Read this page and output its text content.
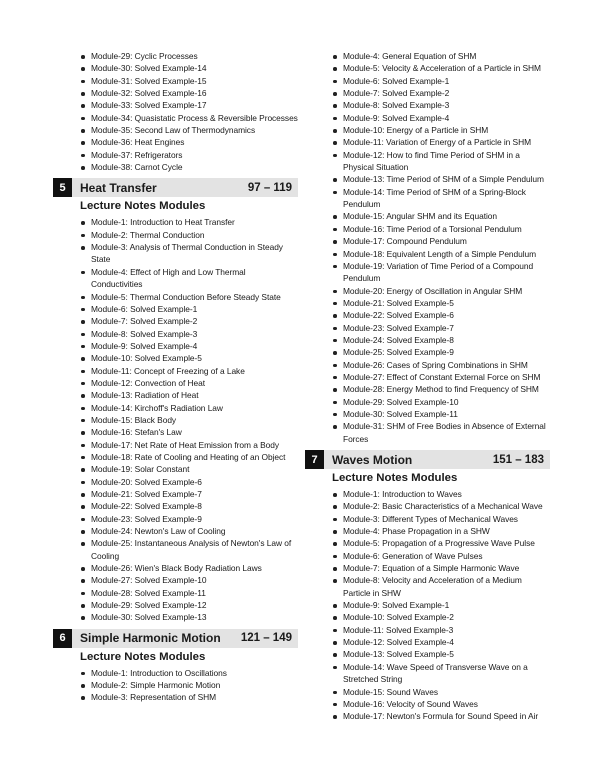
Module-29: Cyclic Processes
Module-30: Solved Example-14
Module-31: Solved Example-15
Module-32: Solved Example-16
Module-33: Solved Example-17
Module-34: Quasistatic Process & Reversible Processes
Module-35: Second Law of Thermodynamics
Module-36: Heat Engines
Module-37: Refrigerators
Module-38: Carnot Cycle
5	Heat Transfer	97 – 119
Lecture Notes Modules
Module-1: Introduction to Heat Transfer
Module-2: Thermal Conduction
Module-3: Analysis of Thermal Conduction in Steady State
Module-4: Effect of High and Low Thermal Conductivities
Module-5: Thermal Conduction Before Steady State
Module-6: Solved Example-1
Module-7: Solved Example-2
Module-8: Solved Example-3
Module-9: Solved Example-4
Module-10: Solved Example-5
Module-11: Concept of Freezing of a Lake
Module-12: Convection of Heat
Module-13: Radiation of Heat
Module-14: Kirchoff's Radiation Law
Module-15: Black Body
Module-16: Stefan's Law
Module-17: Net Rate of Heat Emission from a Body
Module-18: Rate of Cooling and Heating of an Object
Module-19: Solar Constant
Module-20: Solved Example-6
Module-21: Solved Example-7
Module-22: Solved Example-8
Module-23: Solved Example-9
Module-24: Newton's Law of Cooling
Module-25: Instantaneous Analysis of Newton's Law of Cooling
Module-26: Wien's Black Body Radiation Laws
Module-27: Solved Example-10
Module-28: Solved Example-11
Module-29: Solved Example-12
Module-30: Solved Example-13
6	Simple Harmonic Motion	121 – 149
Lecture Notes Modules
Module-1: Introduction to Oscillations
Module-2: Simple Harmonic Motion
Module-3: Representation of SHM
Module-4: General Equation of SHM
Module-5: Velocity & Acceleration of a Particle in SHM
Module-6: Solved Example-1
Module-7: Solved Example-2
Module-8: Solved Example-3
Module-9: Solved Example-4
Module-10: Energy of a Particle in SHM
Module-11: Variation of Energy of a Particle in SHM
Module-12: How to find Time Period of SHM in a Physical Situation
Module-13: Time Period of SHM of a Simple Pendulum
Module-14: Time Period of SHM of a Spring-Block Pendulum
Module-15: Angular SHM and its Equation
Module-16: Time Period of a Torsional Pendulum
Module-17: Compound Pendulum
Module-18: Equivalent Length of a Simple Pendulum
Module-19: Variation of Time Period of a Compound Pendulum
Module-20: Energy of Oscillation in Angular SHM
Module-21: Solved Example-5
Module-22: Solved Example-6
Module-23: Solved Example-7
Module-24: Solved Example-8
Module-25: Solved Example-9
Module-26: Cases of Spring Combinations in SHM
Module-27: Effect of Constant External Force on SHM
Module-28: Energy Method to find Frequency of SHM
Module-29: Solved Example-10
Module-30: Solved Example-11
Module-31: SHM of Free Bodies in Absence of External Forces
7	Waves Motion	151 – 183
Lecture Notes Modules
Module-1: Introduction to Waves
Module-2: Basic Characteristics of a Mechanical Wave
Module-3: Different Types of Mechanical Waves
Module-4: Phase Propagation in a SHW
Module-5: Propagation of a Progressive Wave Pulse
Module-6: Generation of Wave Pulses
Module-7: Equation of a Simple Harmonic Wave
Module-8: Velocity and Acceleration of a Medium Particle in SHW
Module-9: Solved Example-1
Module-10: Solved Example-2
Module-11: Solved Example-3
Module-12: Solved Example-4
Module-13: Solved Example-5
Module-14: Wave Speed of Transverse Wave on a Stretched String
Module-15: Sound Waves
Module-16: Velocity of Sound Waves
Module-17: Newton's Formula for Sound Speed in Air
